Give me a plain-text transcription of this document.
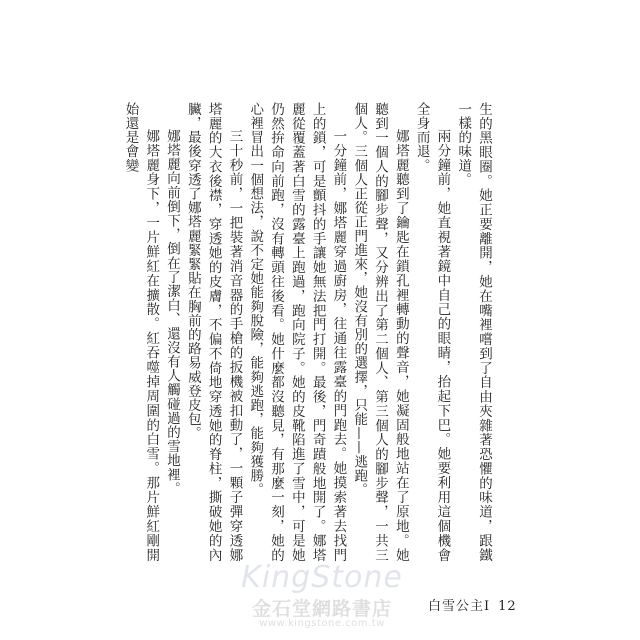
生的黑眼圈。她正要離開，她在嘴裡嚐到了自由夾雜著恐懼的味道，跟鐵一樣的味道。

兩分鐘前，她直視著鏡中自己的眼睛，抬起下巴。她要利用這個機會全身而退。

娜塔麗聽到了鑰匙在鎖孔裡轉動的聲音，她凝固般地站在了原地。她聽到一個人的腳步聲，又分辨出了第二個人、第三個人的腳步聲，一共三個人。三個人正從正門進來，她沒有別的選擇，只能——逃跑。

一分鐘前，娜塔麗穿過廚房，往通往露臺的門跑去。她摸索著去找門上的鎖，可是顫抖的手讓她無法把門打開。最後，門奇蹟般地開了。娜塔麗從覆蓋著白雪的露臺上跑過，跑向院子。她的皮靴陷進了雪中，可是她仍然拚命向前跑，沒有轉頭往後看。她什麼都沒聽見，有那麼一刻，她的心裡冒出一個想法，說不定她能夠脫險，能夠逃跑，能夠獲勝。

三十秒前，一把裝著消音器的手槍的扳機被扣動了，一顆子彈穿透娜塔麗的大衣後襟，穿透她的皮膚，不偏不倚地穿透她的脊柱，撕破她的內臟，最後穿透了娜塔麗緊緊貼在胸前的路易威登皮包。

娜塔麗向前倒下，倒在了潔白、還沒有人觸碰過的雪地裡。

娜塔麗身下，一片鮮紅在擴散。紅吞噬掉周圍的白雪。那片鮮紅剛開始還是會變

KingStone
金石堂網路書店
www.kingstone.com.tw
白雪公主Ⅰ 12
